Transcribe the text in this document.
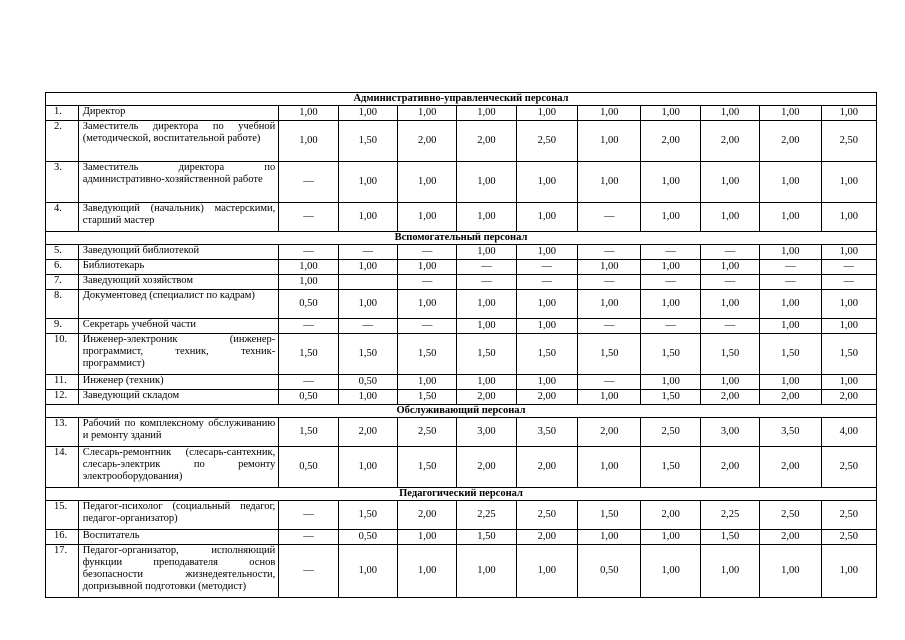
Административно-управленческий персонал											
1.	Директор	1,00	1,00	1,00	1,00	1,00	1,00	1,00	1,00	1,00	1,00
2.	Заместитель директора по учебной (методической, воспитательной работе)	1,00	1,50	2,00	2,00	2,50	1,00	2,00	2,00	2,00	2,50
3.	Заместитель директора по административно-хозяйственной работе	—	1,00	1,00	1,00	1,00	1,00	1,00	1,00	1,00	1,00
4.	Заведующий (начальник) мастерскими, старший мастер	—	1,00	1,00	1,00	1,00	—	1,00	1,00	1,00	1,00
Вспомогательный персонал											
5.	Заведующий библиотекой	—	—	—	1,00	1,00	—	—	—	1,00	1,00
6.	Библиотекарь	1,00	1,00	1,00	—	—	1,00	1,00	1,00	—	—
7.	Заведующий хозяйством	1,00		—	—	—	—	—	—	—	—
8.	Документовед (специалист по кадрам)	0,50	1,00	1,00	1,00	1,00	1,00	1,00	1,00	1,00	1,00
9.	Секретарь учебной части	—	—	—	1,00	1,00	—	—	—	1,00	1,00
10.	Инженер-электроник (инженер-программист, техник, техник-программист)	1,50	1,50	1,50	1,50	1,50	1,50	1,50	1,50	1,50	1,50
11.	Инженер (техник)	—	0,50	1,00	1,00	1,00	—	1,00	1,00	1,00	1,00
12.	Заведующий складом	0,50	1,00	1,50	2,00	2,00	1,00	1,50	2,00	2,00	2,00
Обслуживающий персонал											
13.	Рабочий по комплексному обслуживанию и ремонту зданий	1,50	2,00	2,50	3,00	3,50	2,00	2,50	3,00	3,50	4,00
14.	Слесарь-ремонтник (слесарь-сантехник, слесарь-электрик по ремонту электрооборудования)	0,50	1,00	1,50	2,00	2,00	1,00	1,50	2,00	2,00	2,50
Педагогический персонал											
15.	Педагог-психолог (социальный педагог, педагог-организатор)	—	1,50	2,00	2,25	2,50	1,50	2,00	2,25	2,50	2,50
16.	Воспитатель	—	0,50	1,00	1,50	2,00	1,00	1,00	1,50	2,00	2,50
17.	Педагог-организатор, исполняющий функции преподавателя основ безопасности жизнедеятельности, допризывной подготовки (методист)	—	1,00	1,00	1,00	1,00	0,50	1,00	1,00	1,00	1,00
